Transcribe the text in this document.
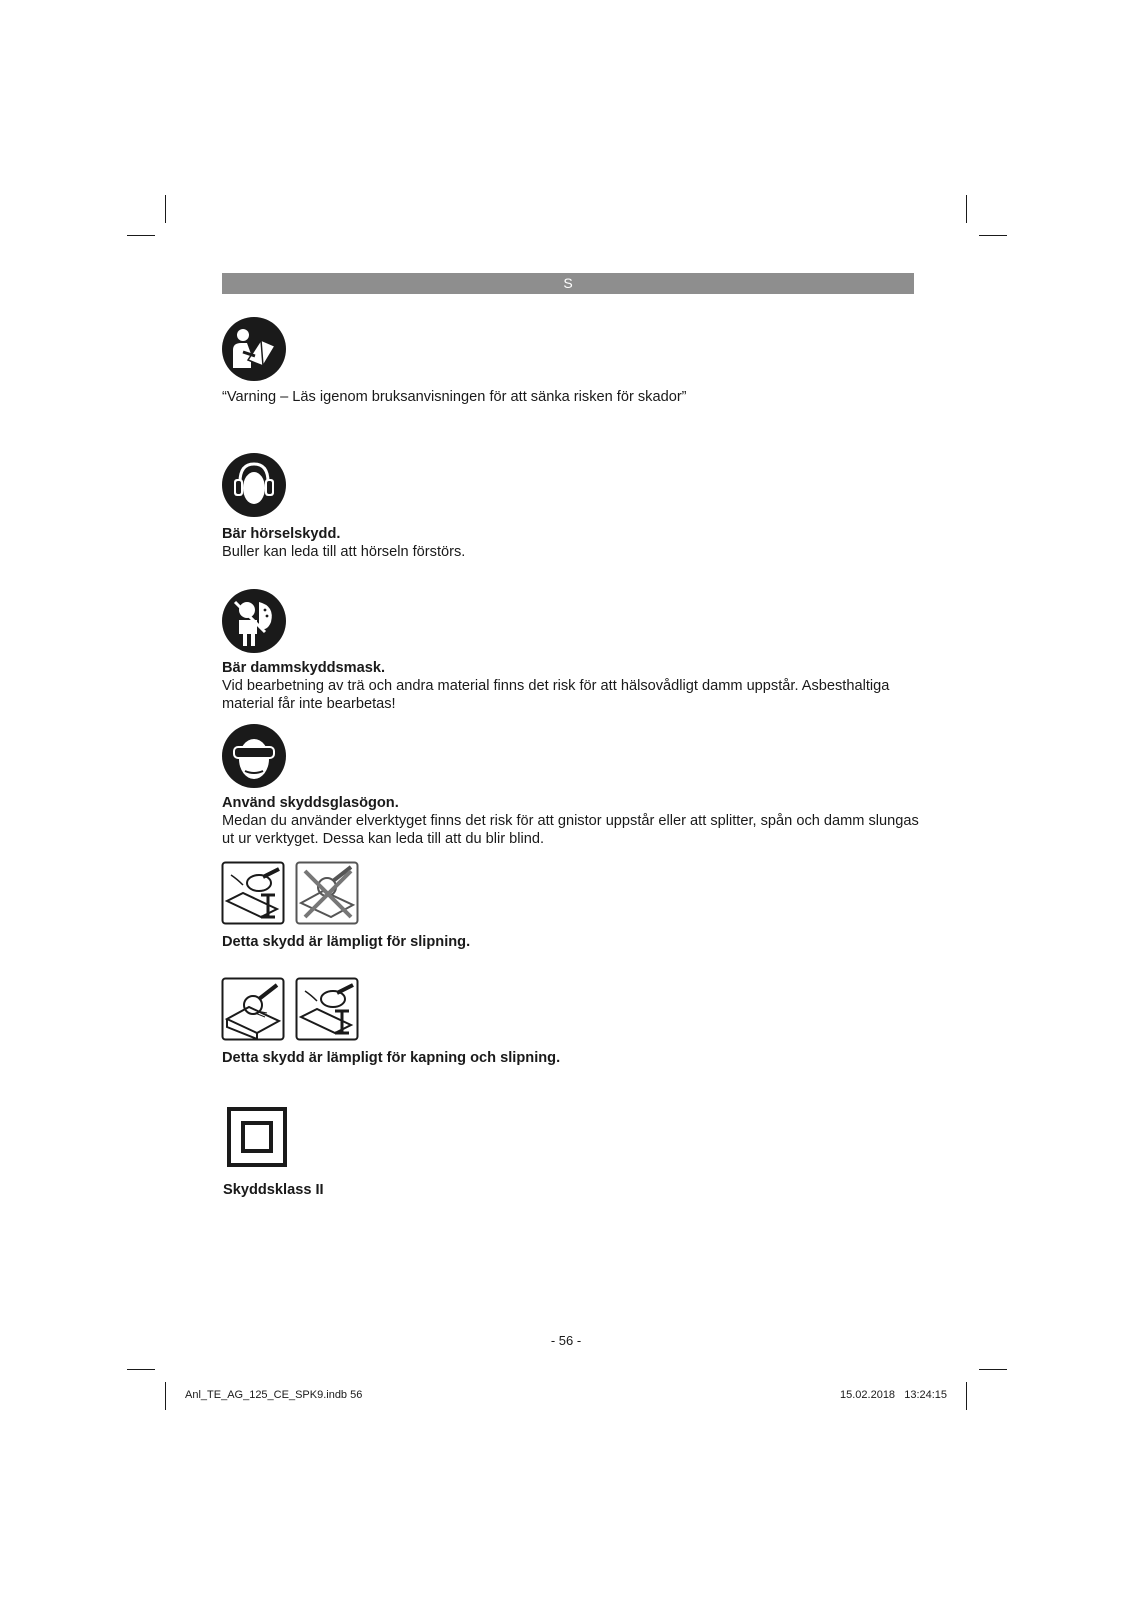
S
“Varning – Läs igenom bruksanvisningen för att sänka risken för skador”
Bär hörselskydd.
Buller kan leda till att hörseln förstörs.
Bär dammskyddsmask.
Vid bearbetning av trä och andra material finns det risk för att hälsovådligt damm uppstår. Asbesthaltiga material får inte bearbetas!
Använd skyddsglasögon.
Medan du använder elverktyget finns det risk för att gnistor uppstår eller att splitter, spån och damm slungas ut ur verktyget. Dessa kan leda till att du blir blind.
Detta skydd är lämpligt för slipning.
Detta skydd är lämpligt för kapning och slipning.
Skyddsklass II
- 56 -
Anl_TE_AG_125_CE_SPK9.indb 56	15.02.2018   13:24:15
